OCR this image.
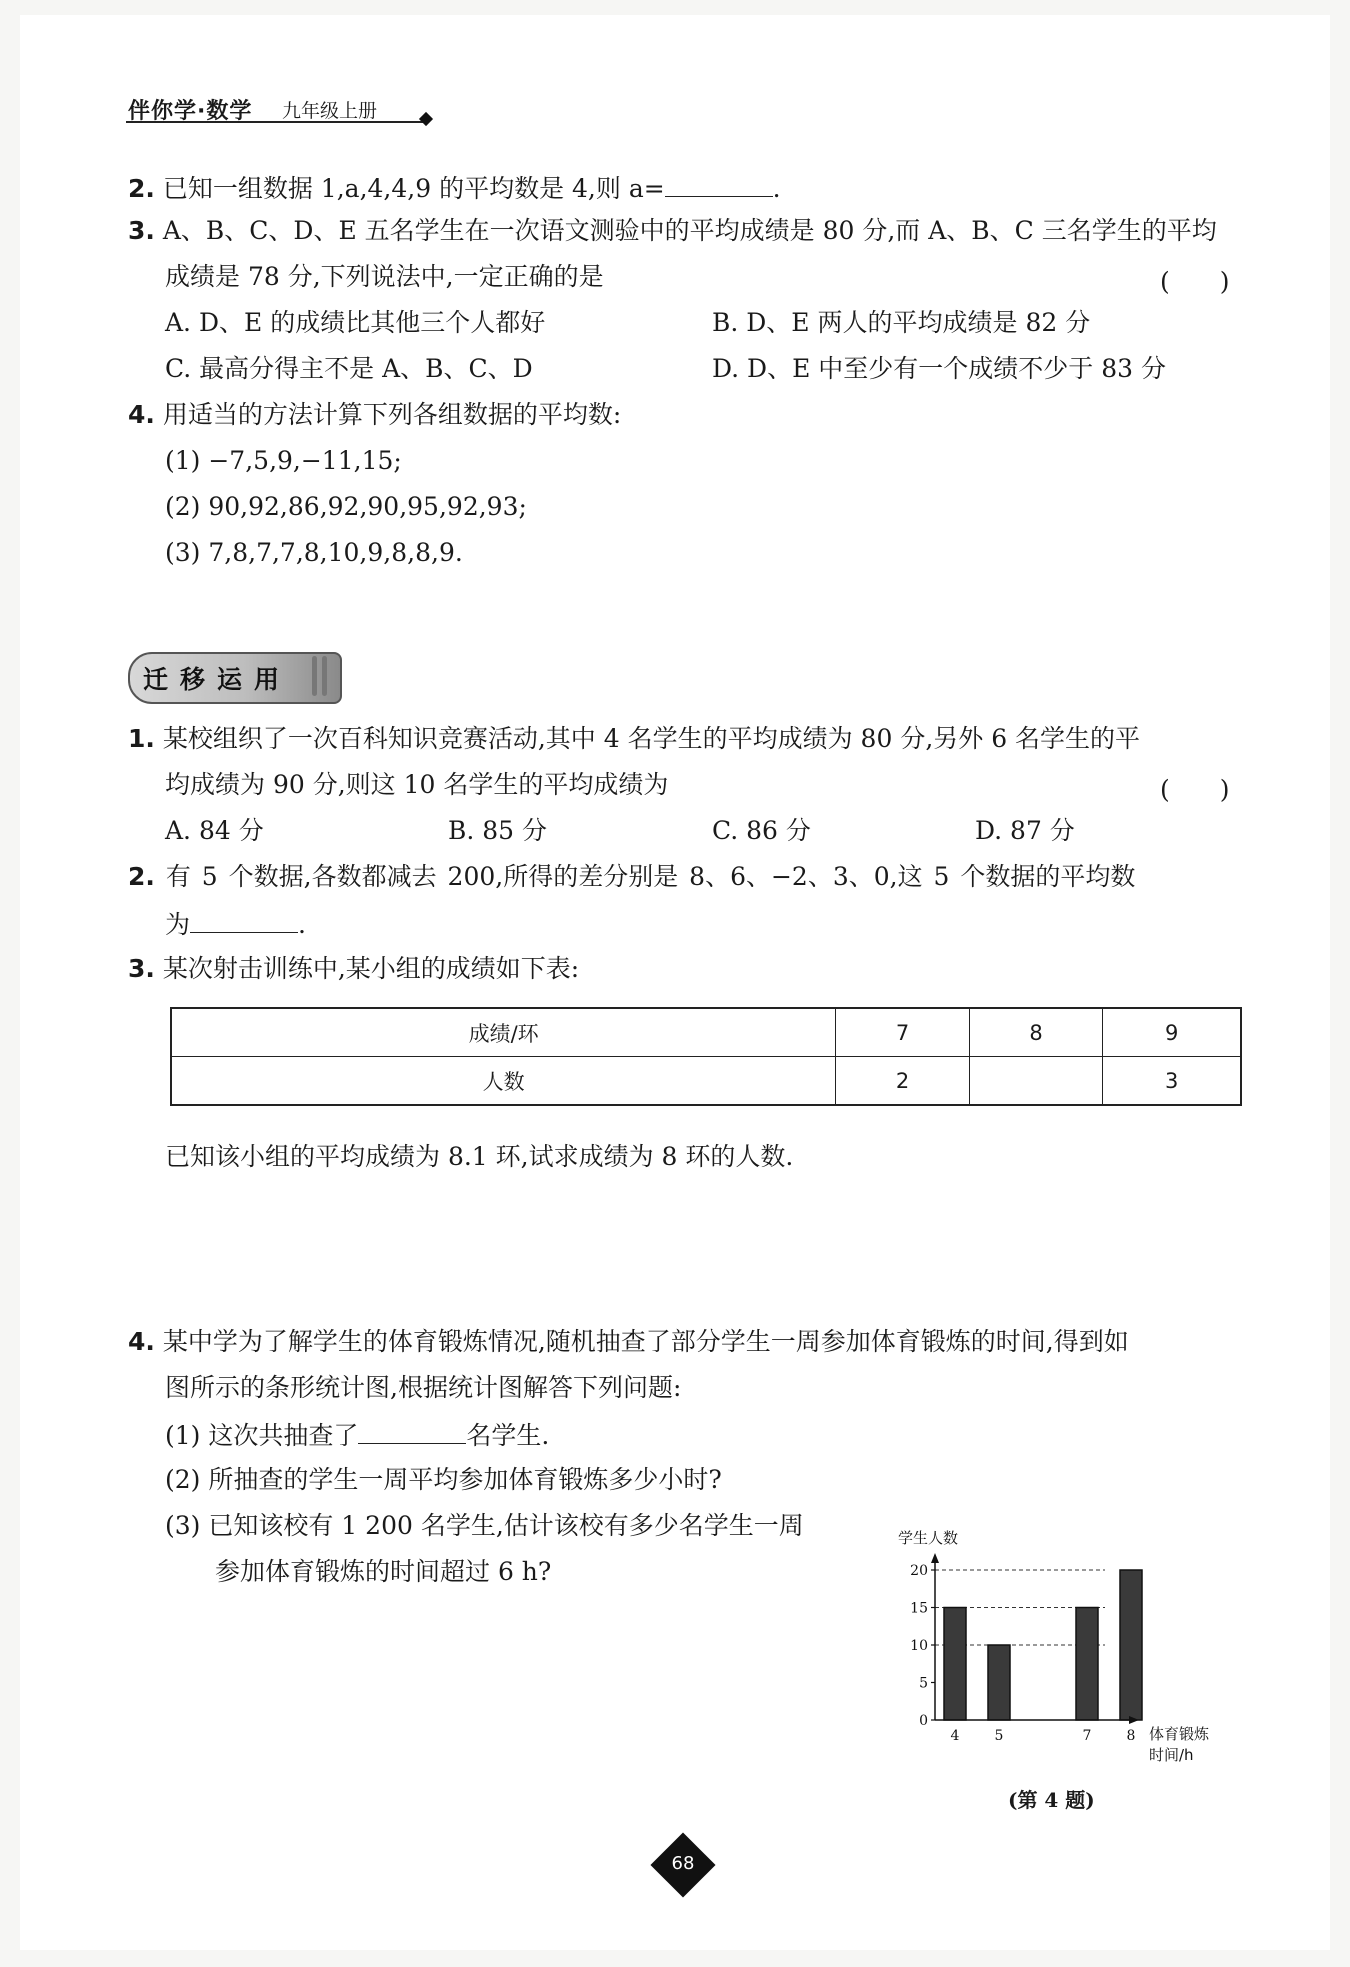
伴你学·数学 九年级上册
2. 已知一组数据 1,a,4,4,9 的平均数是 4,则 a=	.
3. A、B、C、D、E 五名学生在一次语文测验中的平均成绩是 80 分,而 A、B、C 三名学生的平均
成绩是 78 分,下列说法中,一定正确的是	(　　)
A. D、E 的成绩比其他三个人都好	B. D、E 两人的平均成绩是 82 分
C. 最高分得主不是 A、B、C、D	D. D、E 中至少有一个成绩不少于 83 分
4. 用适当的方法计算下列各组数据的平均数:
(1) −7,5,9,−11,15;
(2) 90,92,86,92,90,95,92,93;
(3) 7,8,7,7,8,10,9,8,8,9.
迁移运用
1. 某校组织了一次百科知识竞赛活动,其中 4 名学生的平均成绩为 80 分,另外 6 名学生的平
均成绩为 90 分,则这 10 名学生的平均成绩为	(　　)
A. 84 分	B. 85 分	C. 86 分	D. 87 分
2. 有 5 个数据,各数都减去 200,所得的差分别是 8、6、−2、3、0,这 5 个数据的平均数
为	.
3. 某次射击训练中,某小组的成绩如下表:
成绩/环	7	8	9
人数	2		3
已知该小组的平均成绩为 8.1 环,试求成绩为 8 环的人数.
4. 某中学为了解学生的体育锻炼情况,随机抽查了部分学生一周参加体育锻炼的时间,得到如
图所示的条形统计图,根据统计图解答下列问题:
(1) 这次共抽查了	名学生.
(2) 所抽查的学生一周平均参加体育锻炼多少小时?
(3) 已知该校有 1 200 名学生,估计该校有多少名学生一周
参加体育锻炼的时间超过 6 h?
学生人数
0
5
10
15
20
4	5	7	8 体育锻炼
时间/h
(第 4 题)
68
